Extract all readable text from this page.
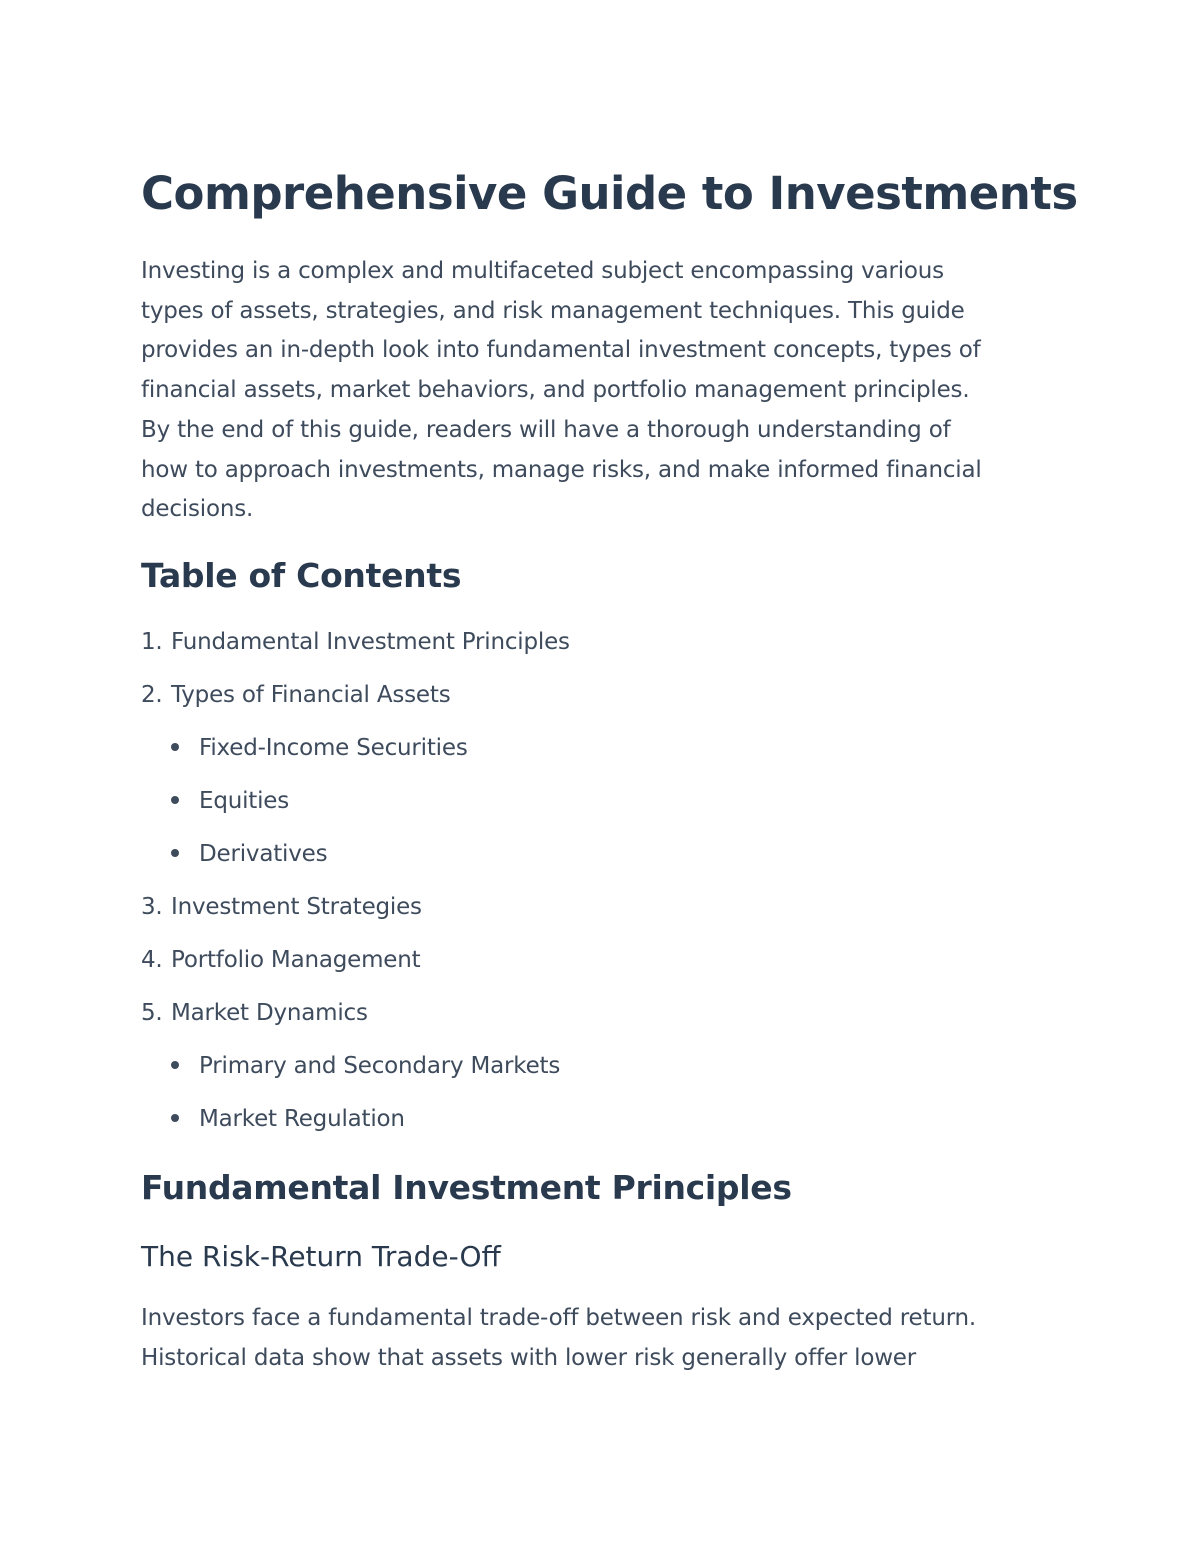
Comprehensive Guide to Investments

Investing is a complex and multifaceted subject encompassing various
types of assets, strategies, and risk management techniques. This guide
provides an in-depth look into fundamental investment concepts, types of
financial assets, market behaviors, and portfolio management principles.
By the end of this guide, readers will have a thorough understanding of
how to approach investments, manage risks, and make informed financial
decisions.

Table of Contents
1. Fundamental Investment Principles
2. Types of Financial Assets
Fixed-Income Securities
Equities
Derivatives
3. Investment Strategies
4. Portfolio Management
5. Market Dynamics
Primary and Secondary Markets
Market Regulation
Fundamental Investment Principles
The Risk-Return Trade-Off

Investors face a fundamental trade-off between risk and expected return.
Historical data show that assets with lower risk generally offer lower
